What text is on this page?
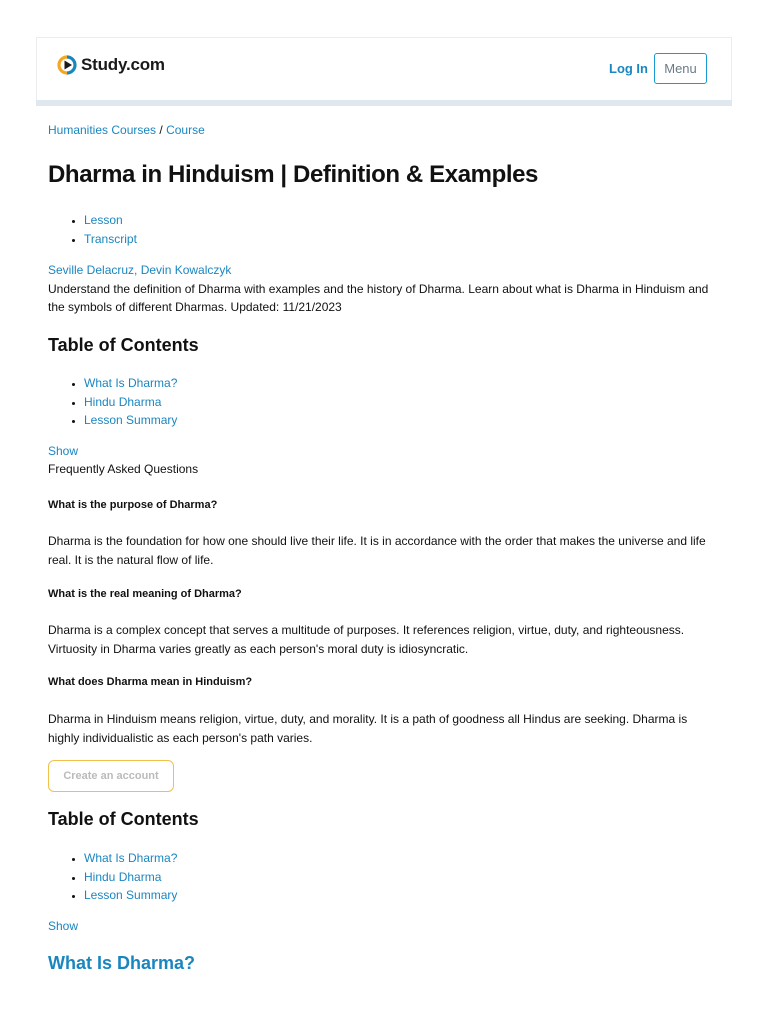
Study.com	Log In	Menu
Humanities Courses / Course
Dharma in Hinduism | Definition & Examples
• Lesson
• Transcript
Seville Delacruz, Devin Kowalczyk
Understand the definition of Dharma with examples and the history of Dharma. Learn about what is Dharma in Hinduism and the symbols of different Dharmas. Updated: 11/21/2023
Table of Contents
• What Is Dharma?
• Hindu Dharma
• Lesson Summary
Show
Frequently Asked Questions
What is the purpose of Dharma?
Dharma is the foundation for how one should live their life. It is in accordance with the order that makes the universe and life real. It is the natural flow of life.
What is the real meaning of Dharma?
Dharma is a complex concept that serves a multitude of purposes. It references religion, virtue, duty, and righteousness. Virtuosity in Dharma varies greatly as each person's moral duty is idiosyncratic.
What does Dharma mean in Hinduism?
Dharma in Hinduism means religion, virtue, duty, and morality. It is a path of goodness all Hindus are seeking. Dharma is highly individualistic as each person's path varies.
Table of Contents
• What Is Dharma?
• Hindu Dharma
• Lesson Summary
Show
What Is Dharma?
Create an account
